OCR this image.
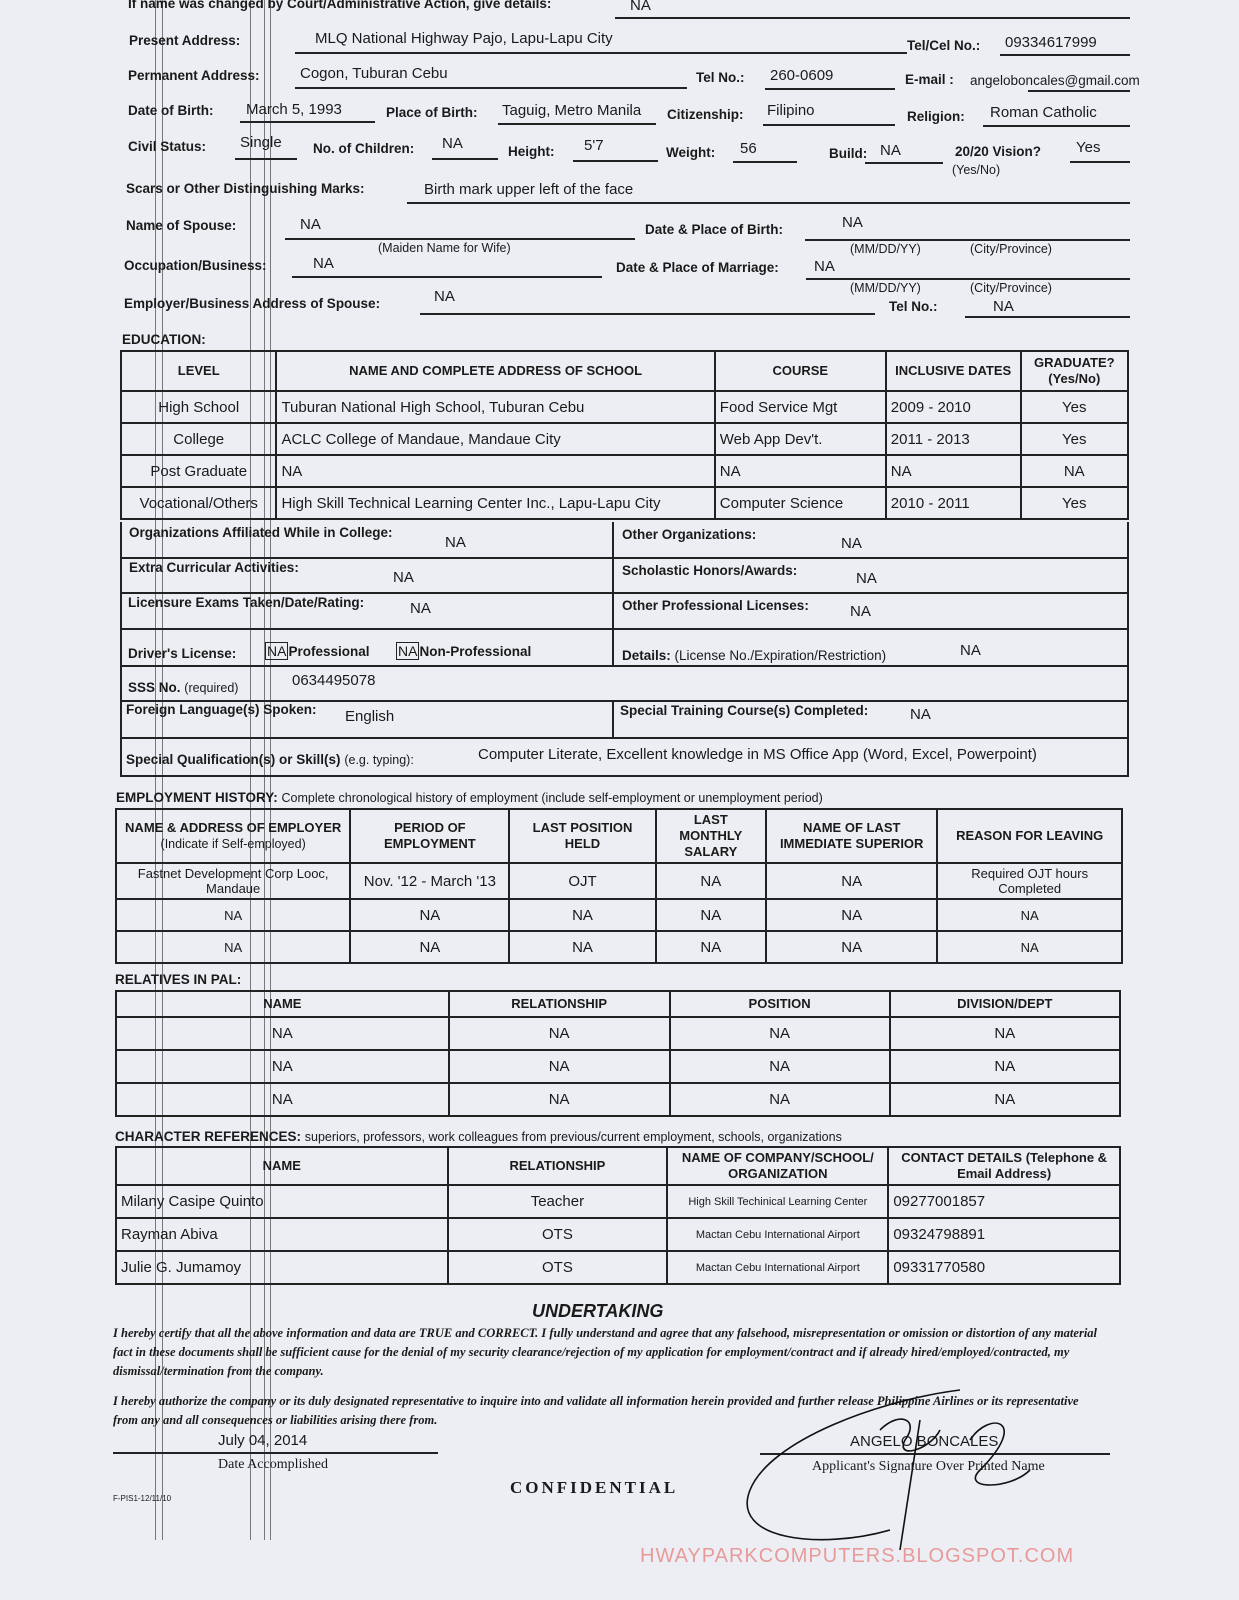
If name was changed by Court/Administrative Action, give details:	NA
Present Address:	MLQ National Highway Pajo, Lapu-Lapu City	Tel/Cel No.: 09334617999
Permanent Address:	Cogon, Tuburan Cebu	Tel No.: 260-0609	E-mail : angeloboncales@gmail.com
Date of Birth: March 5, 1993	Place of Birth: Taguig, Metro Manila Citizenship: Filipino	Religion: Roman Catholic
Civil Status: Single No. of Children: NA	Height: 5'7	Weight: 56	Build: NA	20/20 Vision?
(Yes/No)
Yes
Scars or Other Distinguishing Marks:	Birth mark upper left of the face
Name of Spouse:	NA
(Maiden Name for Wife)
Date & Place of Birth:	NA
(MM/DD/YY)	(City/Province)
Occupation/Business:	NA	Date & Place of Marriage: NA
(MM/DD/YY)	(City/Province)
Employer/Business Address of Spouse:	NA
Tel No.:	NA
EDUCATION:
LEVEL	NAME AND COMPLETE ADDRESS OF SCHOOL	COURSE	INCLUSIVE DATES	GRADUATE? (Yes/No)
High School	Tuburan National High School, Tuburan Cebu	Food Service Mgt	2009 - 2010	Yes
College	ACLC College of Mandaue, Mandaue City	Web App Dev't.	2011 - 2013	Yes
Post Graduate	NA	NA	NA	NA
Vocational/Others	High Skill Technical Learning Center Inc., Lapu-Lapu City	Computer Science	2010 - 2011	Yes
Organizations Affiliated While in College:
NA	Other Organizations:
NA
Extra Curricular Activities:
NA	Scholastic Honors/Awards:	NA
Licensure Exams Taken/Date/Rating:	NA	Other Professional Licenses:	NA
Driver's License: NA Professional NA Non-Professional	Details: (License No./Expiration/Restriction)	NA
SSS No. (required)	0634495078
Foreign Language(s) Spoken: English	Special Training Course(s) Completed:	NA
Special Qualification(s) or Skill(s) (e.g. typing):	Computer Literate, Excellent knowledge in MS Office App (Word, Excel, Powerpoint)
EMPLOYMENT HISTORY: Complete chronological history of employment (include self-employment or unemployment period)
NAME & ADDRESS OF EMPLOYER
(Indicate if Self-employed)	PERIOD OF EMPLOYMENT	LAST POSITION HELD	LAST MONTHLY SALARY	NAME OF LAST IMMEDIATE SUPERIOR	REASON FOR LEAVING
Fastnet Development Corp Looc, Mandaue	Nov. '12 - March '13	OJT	NA	NA	Required OJT hours Completed
NA	NA	NA	NA	NA	NA
NA	NA	NA	NA	NA	NA
RELATIVES IN PAL:
NAME	RELATIONSHIP	POSITION	DIVISION/DEPT
NA	NA	NA	NA
NA	NA	NA	NA
NA	NA	NA	NA
CHARACTER REFERENCES: superiors, professors, work colleagues from previous/current employment, schools, organizations
NAME	RELATIONSHIP	NAME OF COMPANY/SCHOOL/ ORGANIZATION	CONTACT DETAILS (Telephone & Email Address)
Milany Casipe Quinto	Teacher	High Skill Techinical Learning Center	09277001857
Rayman Abiva	OTS	Mactan Cebu International Airport	09324798891
Julie G. Jumamoy	OTS	Mactan Cebu International Airport	09331770580
UNDERTAKING

I hereby certify that all the above information and data are TRUE and CORRECT. I fully understand and agree that any falsehood, misrepresentation or omission or distortion of any material fact in these documents shall be sufficient cause for the denial of my security clearance/rejection of my application for employment/contract and if already hired/employed/contracted, my dismissal/termination from the company.

I hereby authorize the company or its duly designated representative to inquire into and validate all information herein provided and further release Philippine Airlines or its representative from any and all consequences or liabilities arising there from.

July 04, 2014
Date Accomplished
ANGELO BONCALES
Applicant's Signature Over Printed Name
CONFIDENTIAL
F-PIS1-12/11/10
HWAYPARKCOMPUTERS.BLOGSPOT.COM
